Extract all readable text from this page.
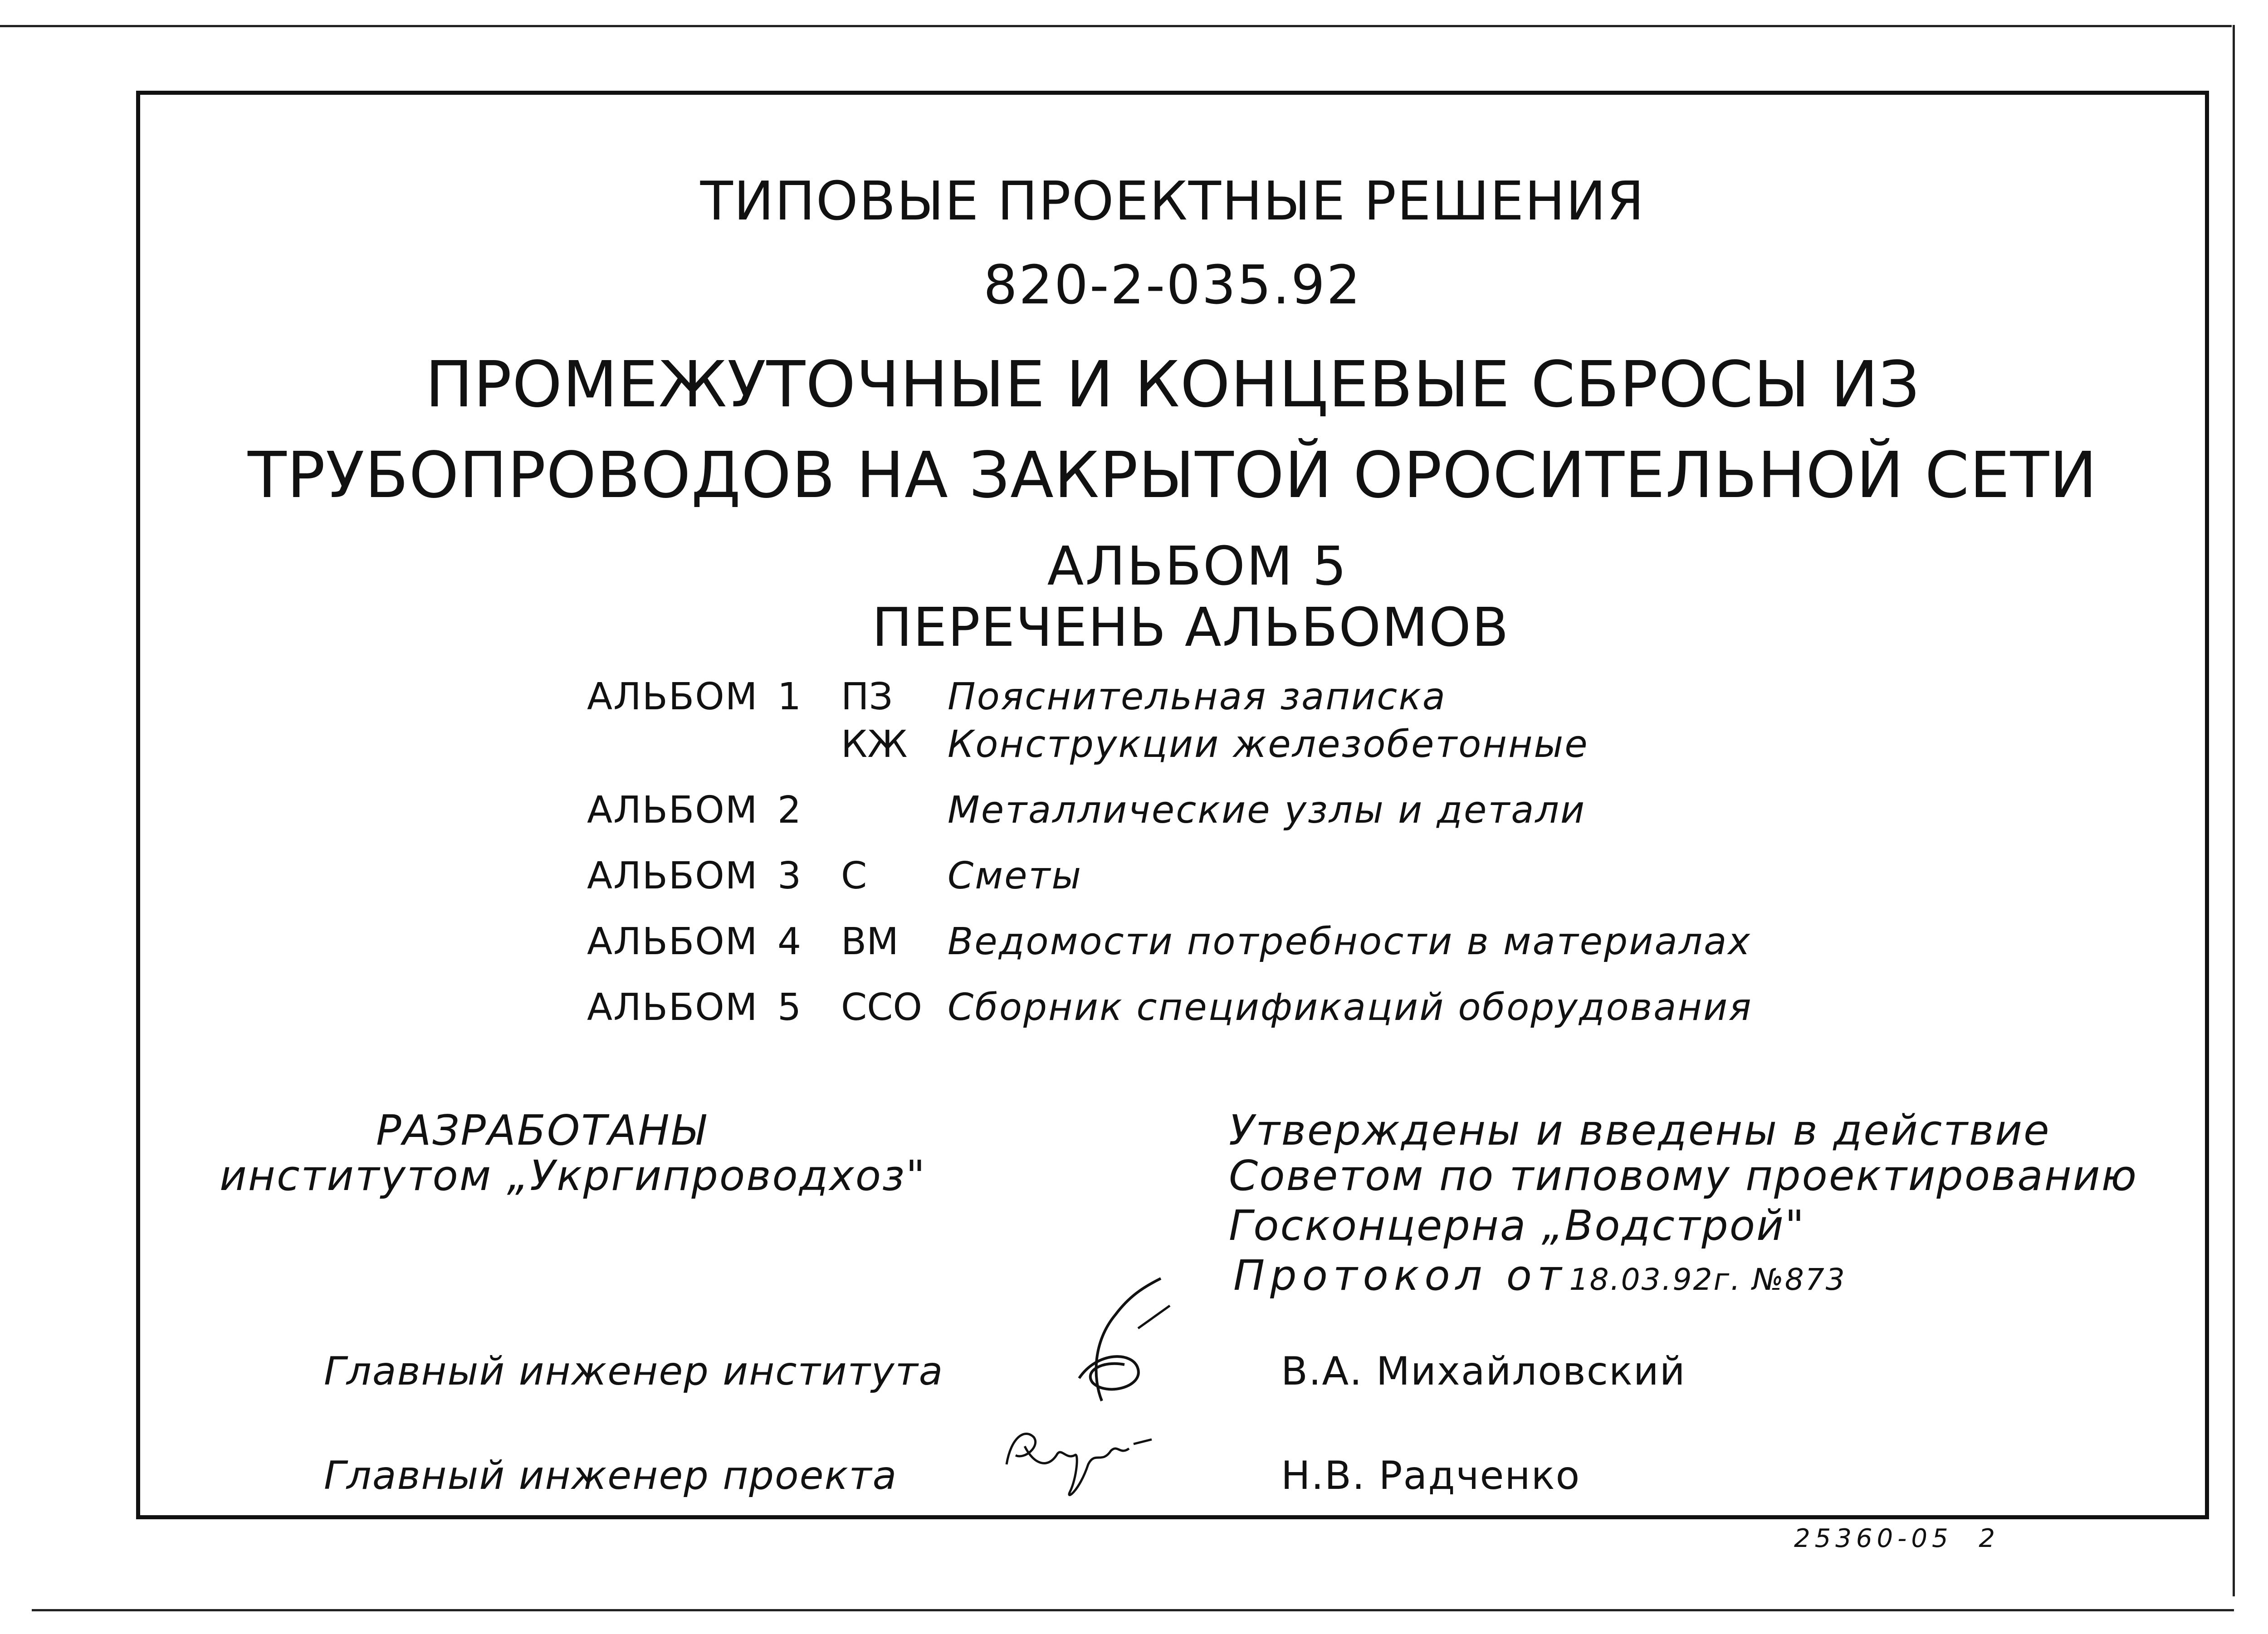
ТИПОВЫЕ ПРОЕКТНЫЕ РЕШЕНИЯ
820-2-035.92
ПРОМЕЖУТОЧНЫЕ И КОНЦЕВЫЕ СБРОСЫ ИЗ
ТРУБОПРОВОДОВ НА ЗАКРЫТОЙ ОРОСИТЕЛЬНОЙ СЕТИ
АЛЬБОМ 5
ПЕРЕЧЕНЬ АЛЬБОМОВ
АЛЬБОМ 1 ПЗ Пояснительная записка
КЖ Конструкции железобетонные
АЛЬБОМ 2	Металлические узлы и детали
АЛЬБОМ 3 С Сметы
АЛЬБОМ 4 ВМ Ведомости потребности в материалах
АЛЬБОМ 5 ССО Сборник спецификаций оборудования
РАЗРАБОТАНЫ
институтом „Укргипроводхоз"
Утверждены и введены в действие
Советом по типовому проектированию
Госконцерна „Водстрой"
Протокол от 18.03.92г. №873
Главный инженер института	В.А. Михайловский
Главный инженер проекта	Н.В. Радченко
25360-05 2
